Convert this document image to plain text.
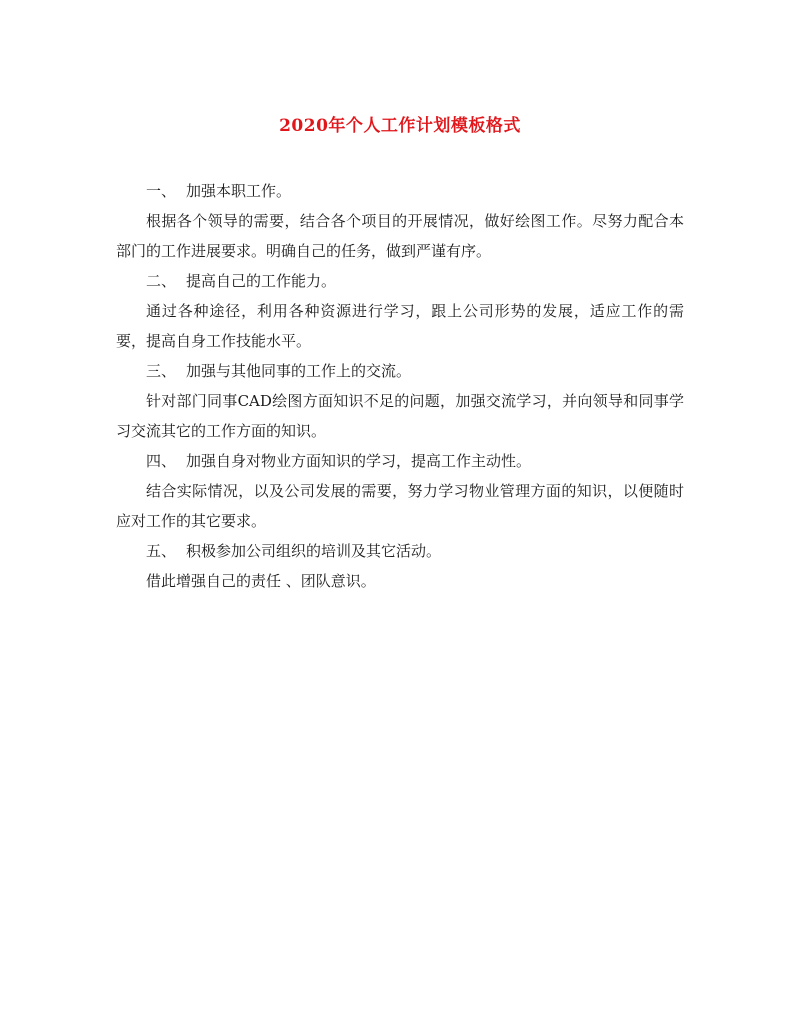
2020年个人工作计划模板格式

一、 加强本职工作。

根据各个领导的需要，结合各个项目的开展情况，做好绘图工作。尽努力配合本部门的工作进展要求。明确自己的任务，做到严谨有序。

二、 提高自己的工作能力。

通过各种途径，利用各种资源进行学习，跟上公司形势的发展，适应工作的需要，提高自身工作技能水平。

三、 加强与其他同事的工作上的交流。

针对部门同事CAD绘图方面知识不足的问题，加强交流学习，并向领导和同事学习交流其它的工作方面的知识。

四、 加强自身对物业方面知识的学习，提高工作主动性。

结合实际情况，以及公司发展的需要，努力学习物业管理方面的知识，以便随时应对工作的其它要求。

五、 积极参加公司组织的培训及其它活动。

借此增强自己的责任 、团队意识。
